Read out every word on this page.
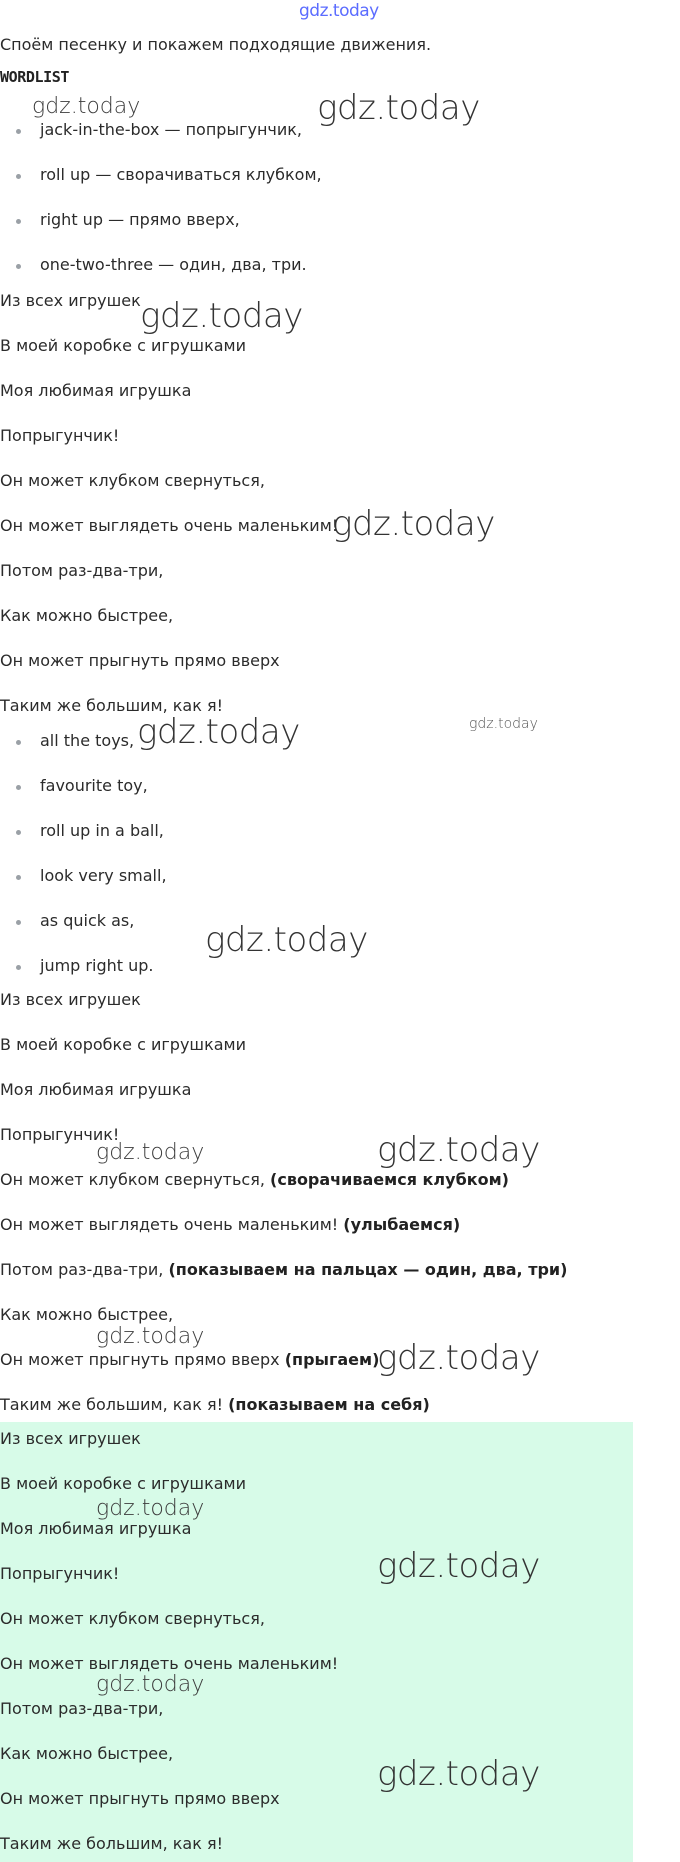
gdz.today
Споём песенку и покажем подходящие движения.
WORDLIST
jack-in-the-box — попрыгунчик,
roll up — сворачиваться клубком,
right up — прямо вверх,
one-two-three — один, два, три.
Из всех игрушек
В моей коробке с игрушками
Моя любимая игрушка
Попрыгунчик!
Он может клубком свернуться,
Он может выглядеть очень маленьким!
Потом раз-два-три,
Как можно быстрее,
Он может прыгнуть прямо вверх
Таким же большим, как я!
all the toys,
favourite toy,
roll up in a ball,
look very small,
as quick as,
jump right up.
Из всех игрушек
В моей коробке с игрушками
Моя любимая игрушка
Попрыгунчик!
Он может клубком свернуться, (сворачиваемся клубком)
Он может выглядеть очень маленьким! (улыбаемся)
Потом раз-два-три, (показываем на пальцах — один, два, три)
Как можно быстрее,
Он может прыгнуть прямо вверх (прыгаем)
Таким же большим, как я! (показываем на себя)
Из всех игрушек
В моей коробке с игрушками
Моя любимая игрушка
Попрыгунчик!
Он может клубком свернуться,
Он может выглядеть очень маленьким!
Потом раз-два-три,
Как можно быстрее,
Он может прыгнуть прямо вверх
Таким же большим, как я!
gdz.today	gdz.today
gdz.today
gdz.today
gdz.today	gdz.today
gdz.today
gdz.today	gdz.today
gdz.today
gdz.today
gdz.today
gdz.today
gdz.today
gdz.today
